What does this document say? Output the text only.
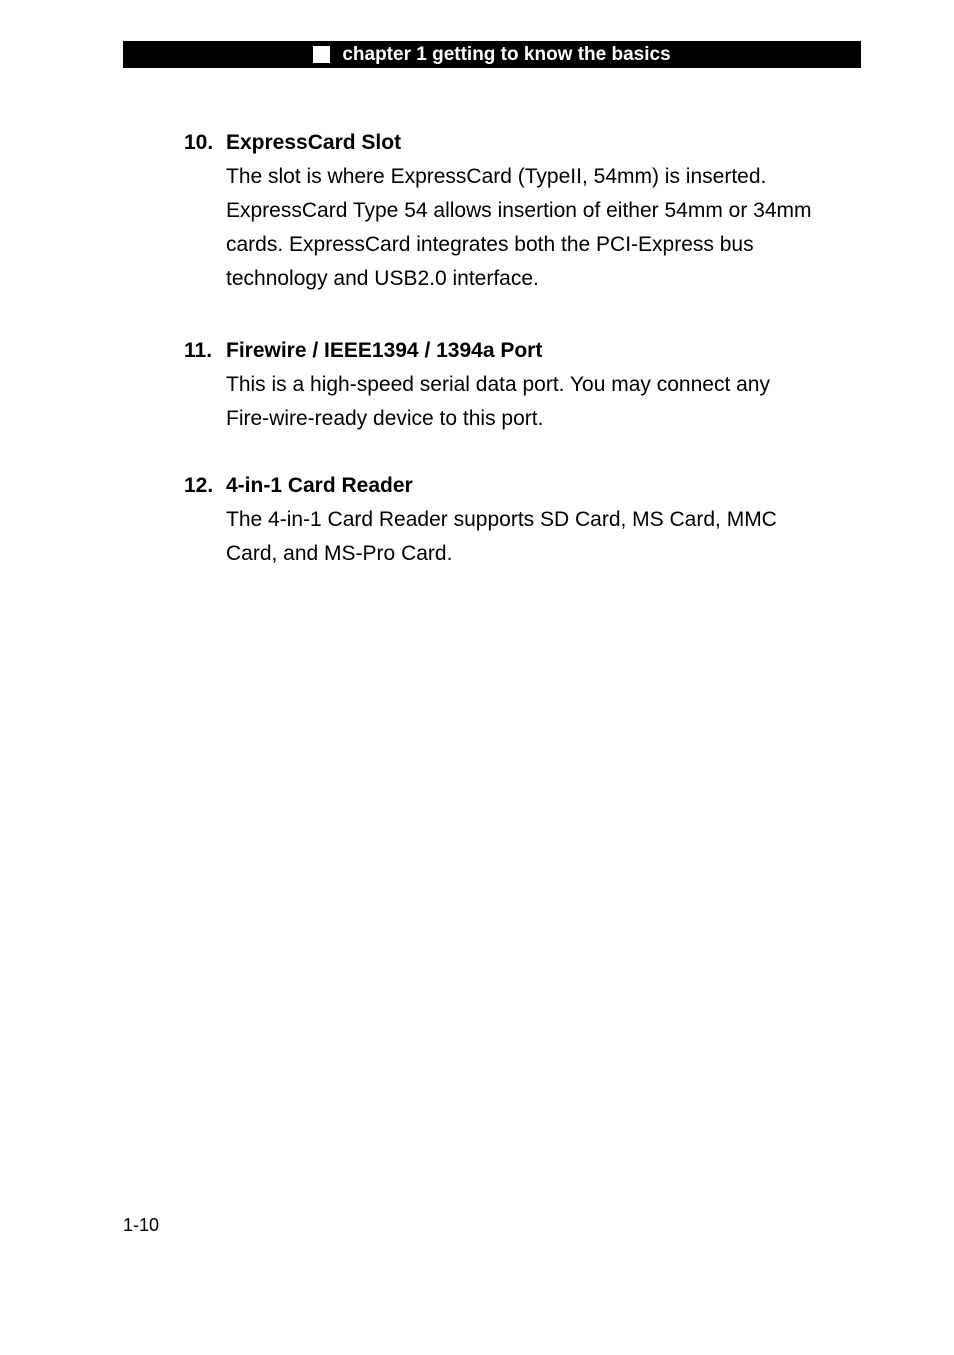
chapter 1 getting to know the basics
10. ExpressCard Slot
The slot is where ExpressCard (TypeII, 54mm) is inserted.
ExpressCard Type 54 allows insertion of either 54mm or 34mm
cards. ExpressCard integrates both the PCI-Express bus
technology and USB2.0 interface.
11. Firewire / IEEE1394 / 1394a Port
This is a high-speed serial data port. You may connect any
Fire-wire-ready device to this port.
12. 4-in-1 Card Reader
The 4-in-1 Card Reader supports SD Card, MS Card, MMC
Card, and MS-Pro Card.
1-10
